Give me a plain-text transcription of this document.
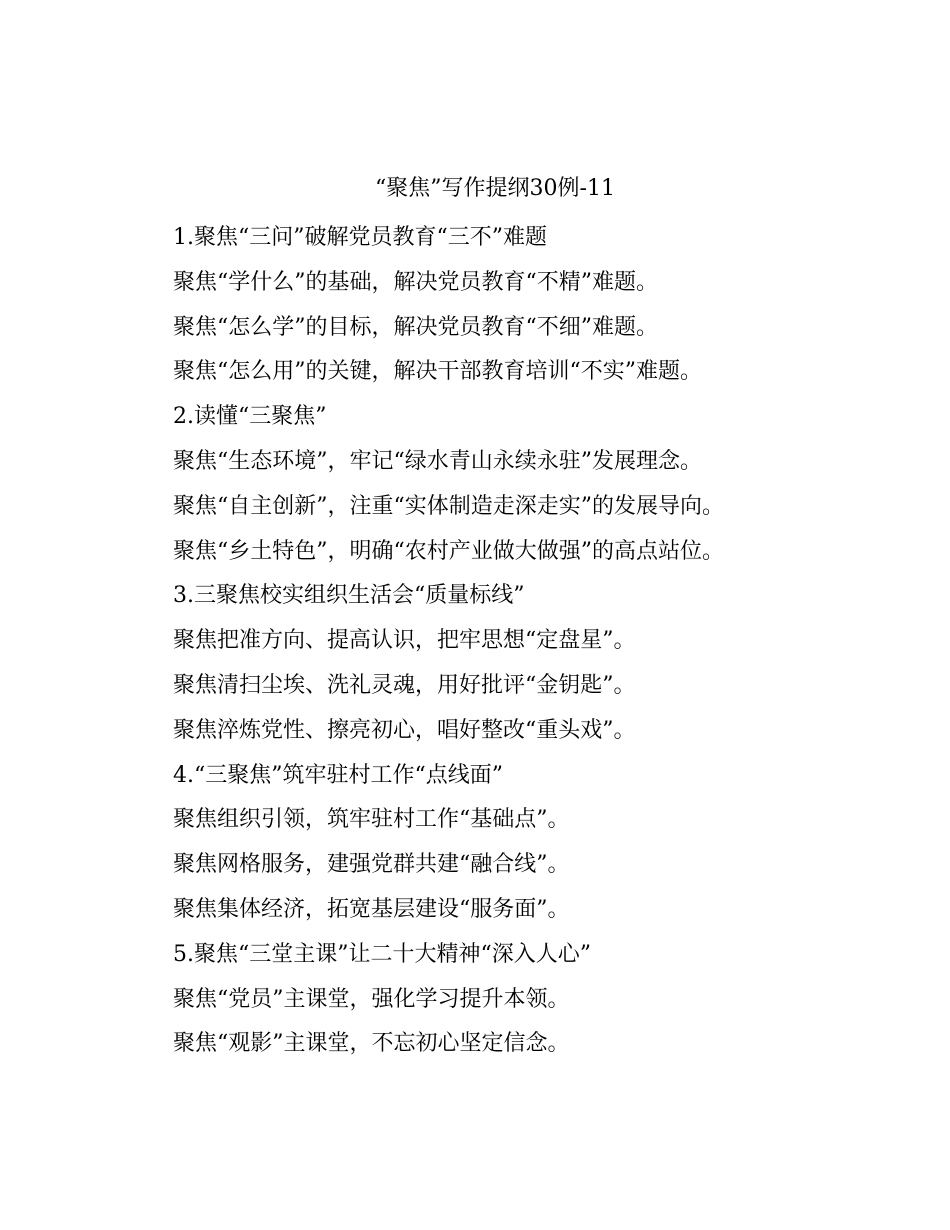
“聚焦”写作提纲30例-11
1.聚焦“三问”破解党员教育“三不”难题
聚焦“学什么”的基础，解决党员教育“不精”难题。
聚焦“怎么学”的目标，解决党员教育“不细”难题。
聚焦“怎么用”的关键，解决干部教育培训“不实”难题。
2.读懂“三聚焦”
聚焦“生态环境”，牢记“绿水青山永续永驻”发展理念。
聚焦“自主创新”，注重“实体制造走深走实”的发展导向。
聚焦“乡土特色”，明确“农村产业做大做强”的高点站位。
3.三聚焦校实组织生活会“质量标线”
聚焦把准方向、提高认识，把牢思想“定盘星”。
聚焦清扫尘埃、洗礼灵魂，用好批评“金钥匙”。
聚焦淬炼党性、擦亮初心，唱好整改“重头戏”。
4.“三聚焦”筑牢驻村工作“点线面”
聚焦组织引领，筑牢驻村工作“基础点”。
聚焦网格服务，建强党群共建“融合线”。
聚焦集体经济，拓宽基层建设“服务面”。
5.聚焦“三堂主课”让二十大精神“深入人心”
聚焦“党员”主课堂，强化学习提升本领。
聚焦“观影”主课堂，不忘初心坚定信念。
